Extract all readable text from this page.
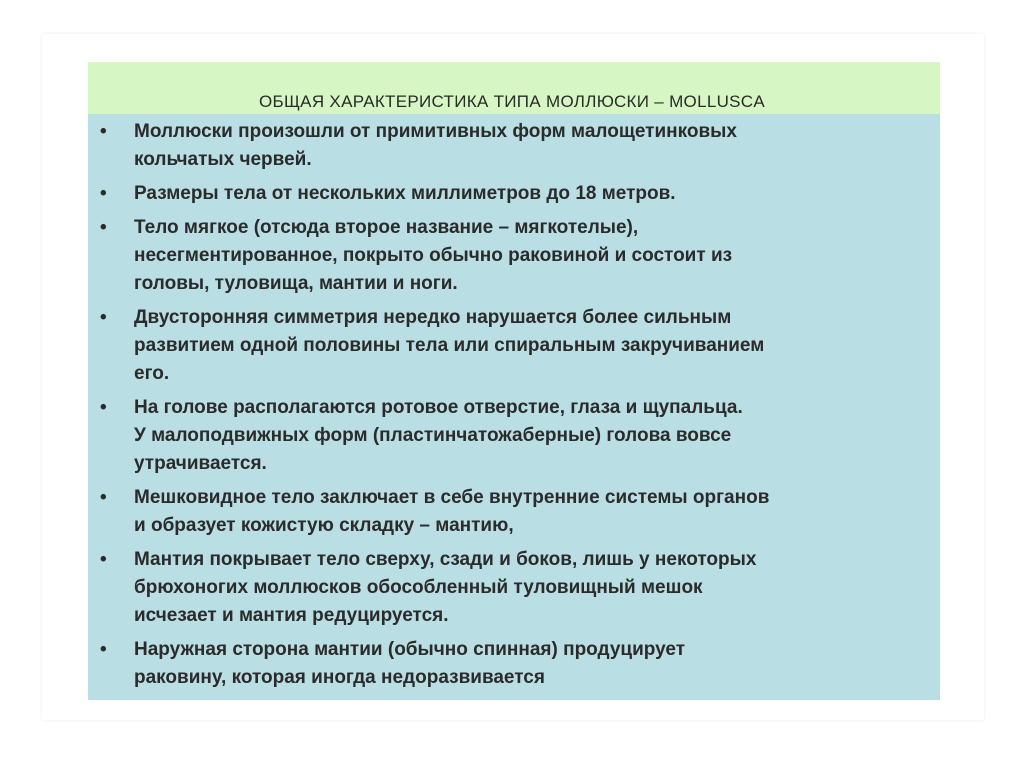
ОБЩАЯ ХАРАКТЕРИСТИКА ТИПА МОЛЛЮСКИ – MOLLUSCA
• Моллюски произошли от примитивных форм малощетинковых
кольчатых червей.
• Размеры тела от нескольких миллиметров до 18 метров.
• Тело мягкое (отсюда второе название – мягкотелые),
несегментированное, покрыто обычно раковиной и состоит из
головы, туловища, мантии и ноги.
• Двусторонняя симметрия нередко нарушается более сильным
развитием одной половины тела или спиральным закручиванием
его.
• На голове располагаются ротовое отверстие, глаза и щупальца.
У малоподвижных форм (пластинчатожаберные) голова вовсе
утрачивается.
• Мешковидное тело заключает в себе внутренние системы органов
и образует кожистую складку – мантию,
• Мантия покрывает тело сверху, сзади и боков, лишь у некоторых
брюхоногих моллюсков обособленный туловищный мешок
исчезает и мантия редуцируется.
• Наружная сторона мантии (обычно спинная) продуцирует
раковину, которая иногда недоразвивается
